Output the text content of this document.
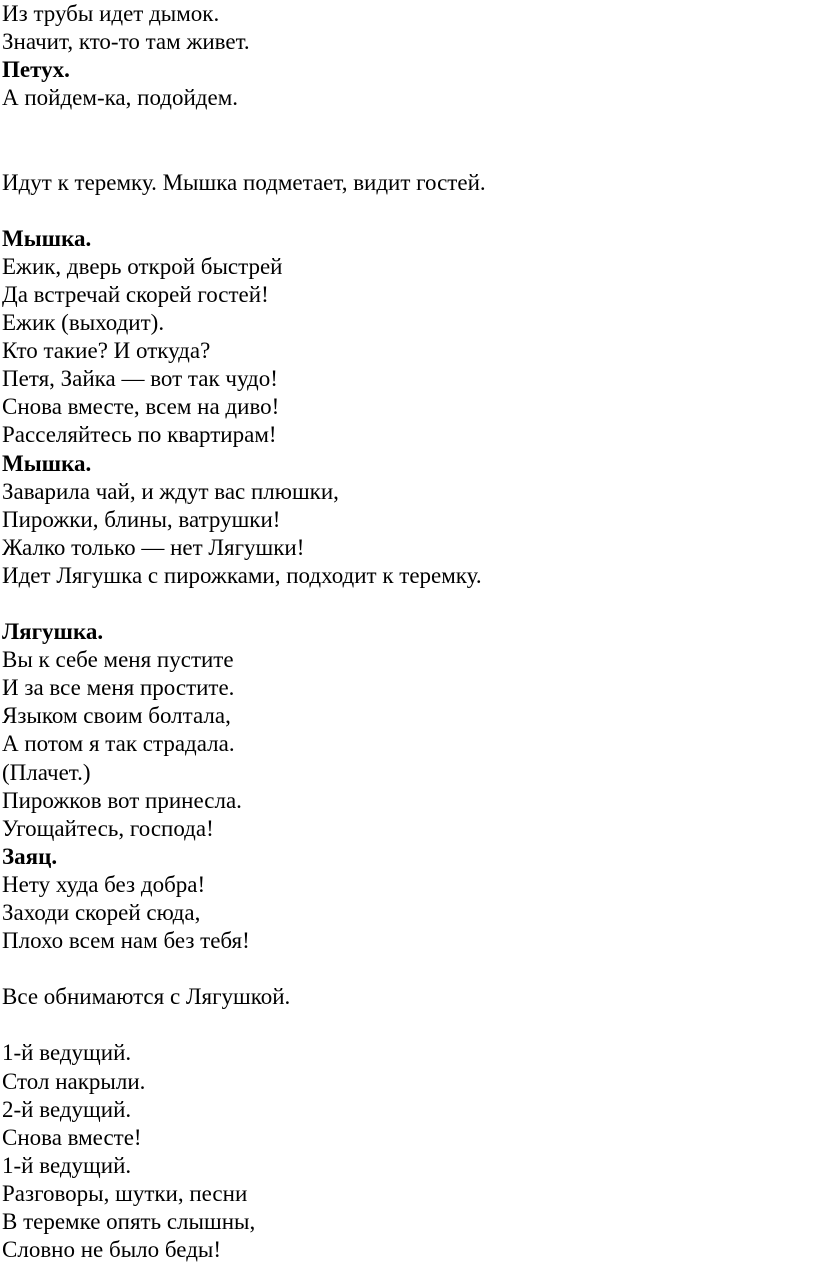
Из трубы идет дымок.
Значит, кто-то там живет.
Петух.
А пойдем-ка, подойдем.
Идут к теремку. Мышка подметает, видит гостей.
Мышка.
Ежик, дверь открой быстрей
Да встречай скорей гостей!
Ежик (выходит).
Кто такие? И откуда?
Петя, Зайка — вот так чудо!
Снова вместе, всем на диво!
Расселяйтесь по квартирам!
Мышка.
Заварила чай, и ждут вас плюшки,
Пирожки, блины, ватрушки!
Жалко только — нет Лягушки!
Идет Лягушка с пирожками, подходит к теремку.
Лягушка.
Вы к себе меня пустите
И за все меня простите.
Языком своим болтала,
А потом я так страдала.
(Плачет.)
Пирожков вот принесла.
Угощайтесь, господа!
Заяц.
Нету худа без добра!
Заходи скорей сюда,
Плохо всем нам без тебя!
Все обнимаются с Лягушкой.
1-й ведущий.
Стол накрыли.
2-й ведущий.
Снова вместе!
1-й ведущий.
Разговоры, шутки, песни
В теремке опять слышны,
Словно не было беды!
